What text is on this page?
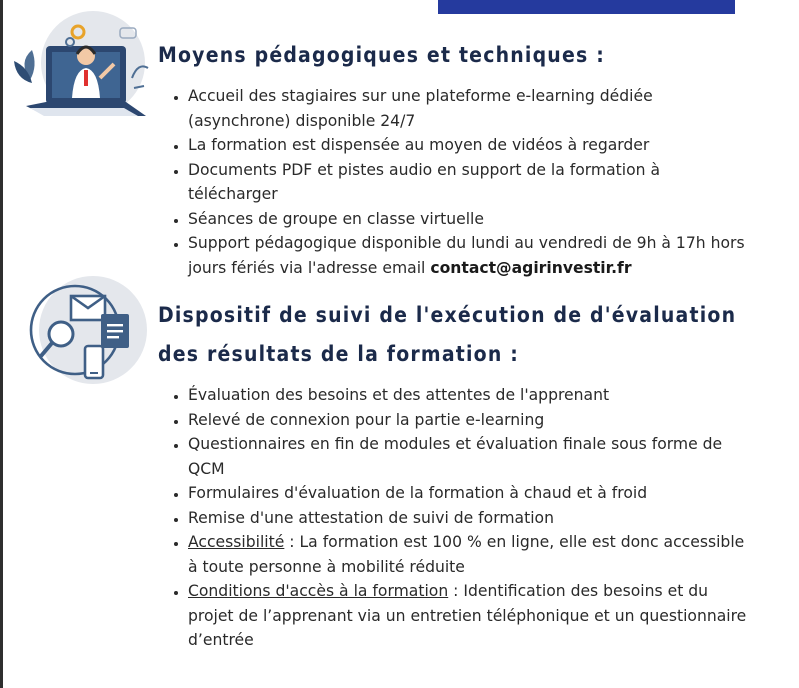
Moyens pédagogiques et techniques :
• Accueil des stagiaires sur une plateforme e-learning dédiée (asynchrone) disponible 24/7
• La formation est dispensée au moyen de vidéos à regarder
• Documents PDF et pistes audio en support de la formation à télécharger
• Séances de groupe en classe virtuelle
• Support pédagogique disponible du lundi au vendredi de 9h à 17h hors jours fériés via l'adresse email contact@agirinvestir.fr
Dispositif de suivi de l'exécution de d'évaluation
des résultats de la formation :
• Évaluation des besoins et des attentes de l'apprenant
• Relevé de connexion pour la partie e-learning
• Questionnaires en fin de modules et évaluation finale sous forme de QCM
• Formulaires d'évaluation de la formation à chaud et à froid
• Remise d'une attestation de suivi de formation
• Accessibilité : La formation est 100 % en ligne, elle est donc accessible à toute personne à mobilité réduite
• Conditions d'accès à la formation : Identification des besoins et du projet de l’apprenant via un entretien téléphonique et un questionnaire d’entrée
